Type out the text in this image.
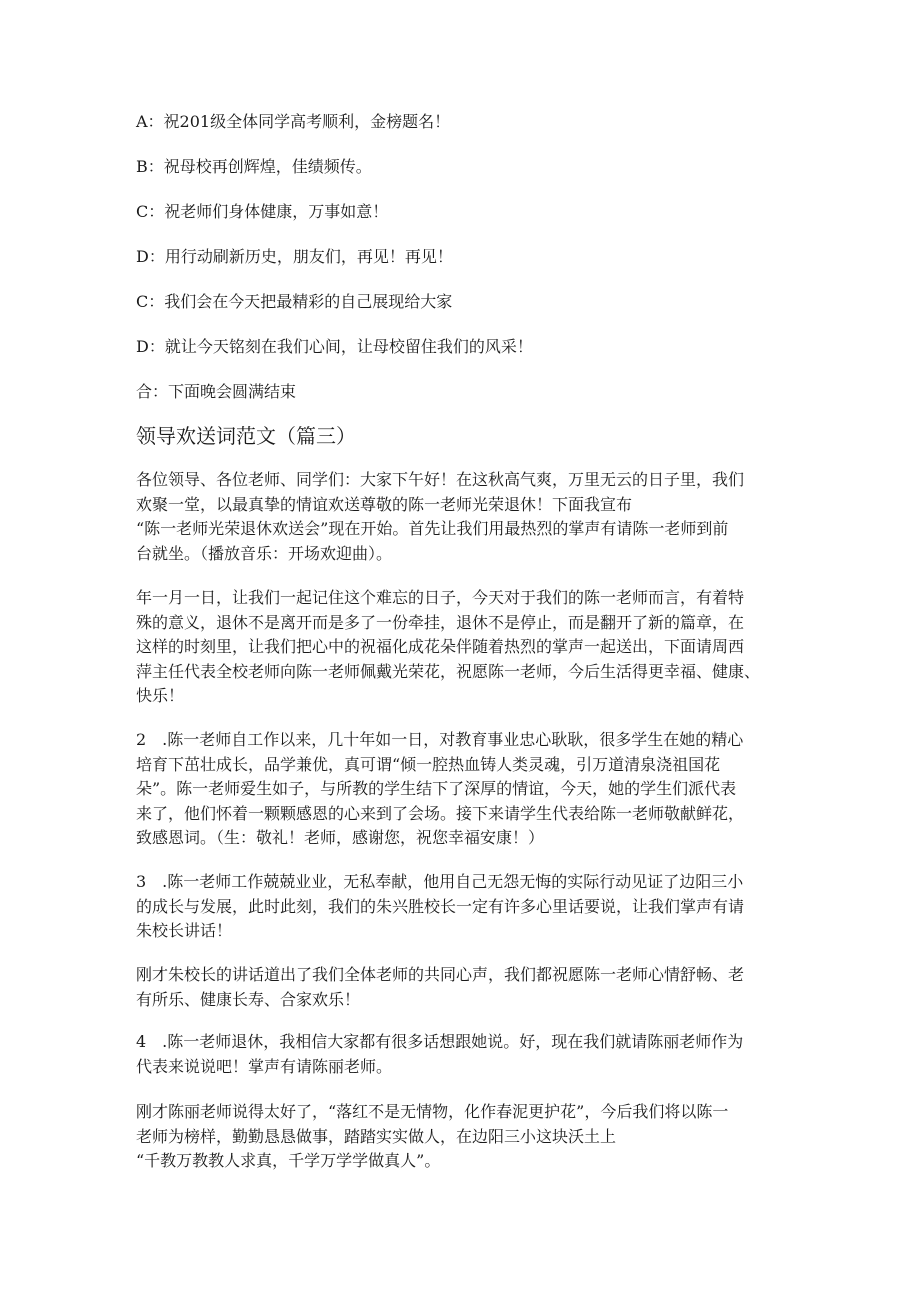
A：祝201级全体同学高考顺利，金榜题名！
B：祝母校再创辉煌，佳绩频传。
C：祝老师们身体健康，万事如意！
D：用行动刷新历史，朋友们，再见！再见！
C：我们会在今天把最精彩的自己展现给大家
D：就让今天铭刻在我们心间，让母校留住我们的风采！
合：下面晚会圆满结束
领导欢送词范文（篇三）
各位领导、各位老师、同学们：大家下午好！在这秋高气爽，万里无云的日子里，我们
欢聚一堂，以最真挚的情谊欢送尊敬的陈一老师光荣退休！下面我宣布
“陈一老师光荣退休欢送会”现在开始。首先让我们用最热烈的掌声有请陈一老师到前
台就坐。（播放音乐：开场欢迎曲）。
年一月一日，让我们一起记住这个难忘的日子，今天对于我们的陈一老师而言，有着特
殊的意义，退休不是离开而是多了一份牵挂，退休不是停止，而是翻开了新的篇章，在
这样的时刻里，让我们把心中的祝福化成花朵伴随着热烈的掌声一起送出，下面请周西
萍主任代表全校老师向陈一老师佩戴光荣花，祝愿陈一老师，今后生活得更幸福、健康、
快乐！
2　.陈一老师自工作以来，几十年如一日，对教育事业忠心耿耿，很多学生在她的精心
培育下茁壮成长，品学兼优，真可谓“倾一腔热血铸人类灵魂，引万道清泉浇祖国花
朵”。陈一老师爱生如子，与所教的学生结下了深厚的情谊，今天，她的学生们派代表
来了，他们怀着一颗颗感恩的心来到了会场。接下来请学生代表给陈一老师敬献鲜花，
致感恩词。（生：敬礼！老师，感谢您，祝您幸福安康！）
3　.陈一老师工作兢兢业业，无私奉献，他用自己无怨无悔的实际行动见证了边阳三小
的成长与发展，此时此刻，我们的朱兴胜校长一定有许多心里话要说，让我们掌声有请
朱校长讲话！
刚才朱校长的讲话道出了我们全体老师的共同心声，我们都祝愿陈一老师心情舒畅、老
有所乐、健康长寿、合家欢乐！
4　.陈一老师退休，我相信大家都有很多话想跟她说。好，现在我们就请陈丽老师作为
代表来说说吧！掌声有请陈丽老师。
刚才陈丽老师说得太好了，“落红不是无情物，化作春泥更护花”，今后我们将以陈一
老师为榜样，勤勤恳恳做事，踏踏实实做人，在边阳三小这块沃土上
“千教万教教人求真，千学万学学做真人”。
